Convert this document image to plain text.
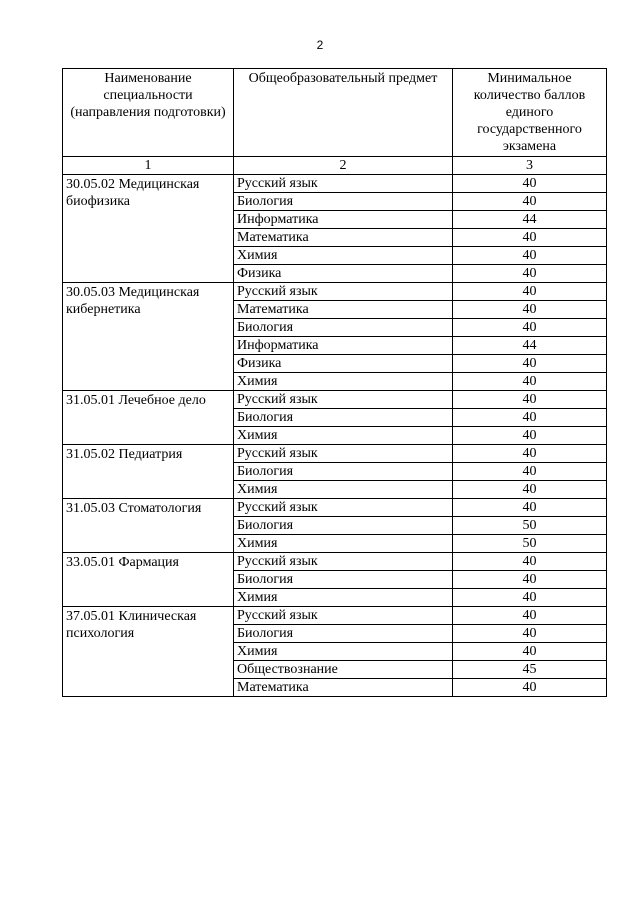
2
Наименование специальности (направления подготовки)	Общеобразовательный предмет	Минимальное количество баллов единого государственного экзамена
1	2	3
30.05.02 Медицинская биофизика	Русский язык	40
	Биология	40
	Информатика	44
	Математика	40
	Химия	40
	Физика	40
30.05.03 Медицинская кибернетика	Русский язык	40
	Математика	40
	Биология	40
	Информатика	44
	Физика	40
	Химия	40
31.05.01 Лечебное дело	Русский язык	40
	Биология	40
	Химия	40
31.05.02 Педиатрия	Русский язык	40
	Биология	40
	Химия	40
31.05.03 Стоматология	Русский язык	40
	Биология	50
	Химия	50
33.05.01 Фармация	Русский язык	40
	Биология	40
	Химия	40
37.05.01 Клиническая психология	Русский язык	40
	Биология	40
	Химия	40
	Обществознание	45
	Математика	40
